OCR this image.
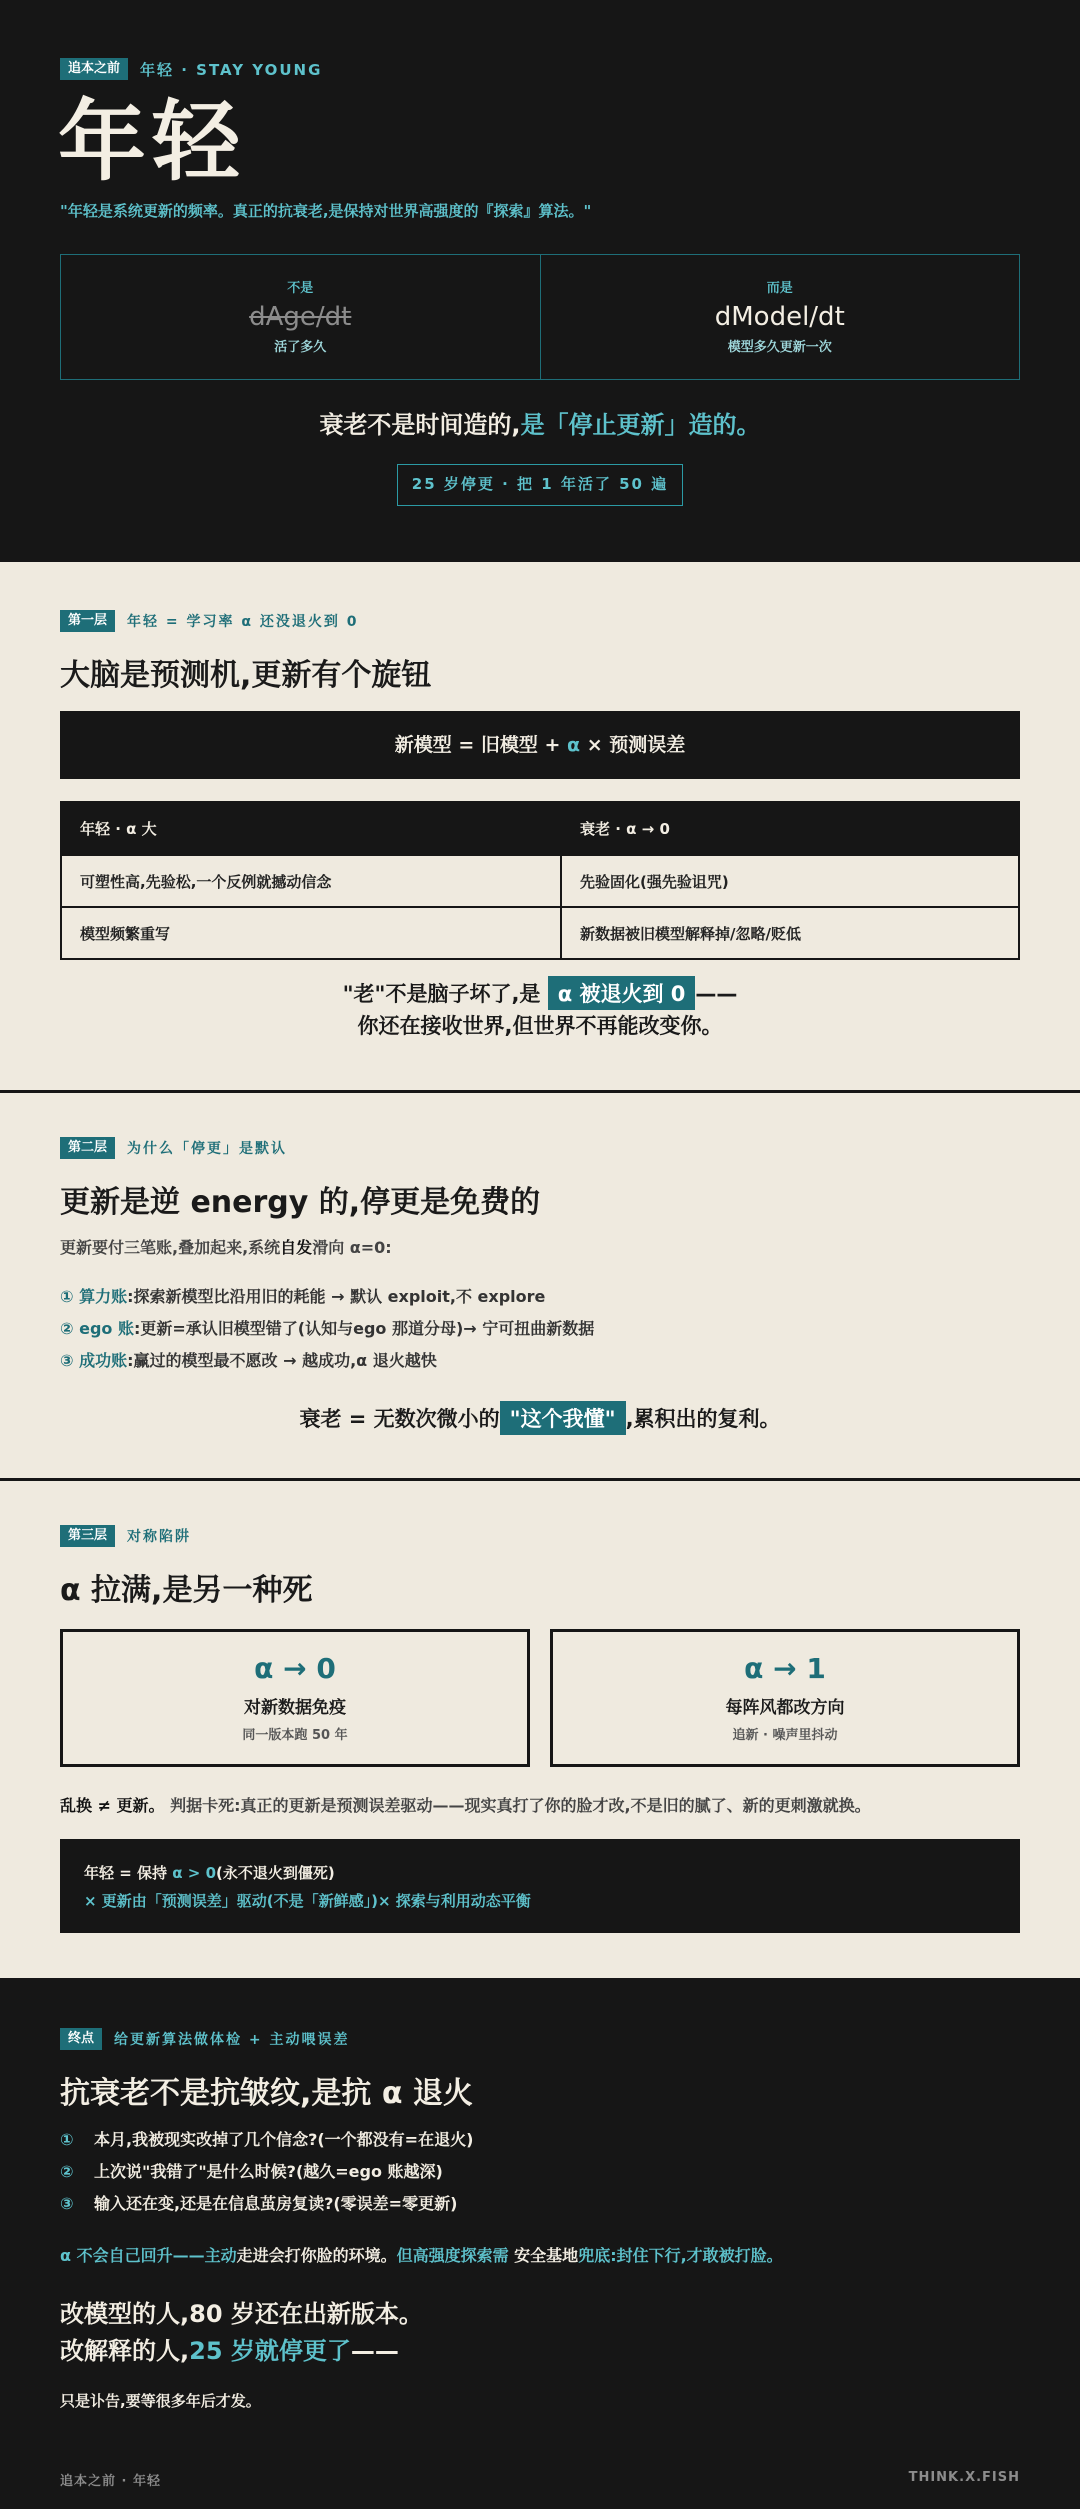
追本之前 年轻 · STAY YOUNG
年轻
"年轻是系统更新的频率。真正的抗衰老,是保持对世界高强度的『探索』算法。"
不是
dAge/dt
活了多久
而是
dModel/dt
模型多久更新一次
衰老不是时间造的,是「停止更新」造的。
25 岁停更 · 把 1 年活了 50 遍
第一层 年轻 = 学习率 α 还没退火到 0
大脑是预测机,更新有个旋钮
新模型 = 旧模型 + α × 预测误差
年轻 · α 大	衰老 · α → 0
可塑性高,先验松,一个反例就撼动信念	先验固化(强先验诅咒)
模型频繁重写	新数据被旧模型解释掉/忽略/贬低
"老"不是脑子坏了,是 α 被退火到 0 ——
你还在接收世界,但世界不再能改变你。
第二层 为什么「停更」是默认
更新是逆 energy 的,停更是免费的
更新要付三笔账,叠加起来,系统自发滑向 α=0:
① 算力账:探索新模型比沿用旧的耗能 → 默认 exploit,不 explore
② ego 账:更新=承认旧模型错了(认知与ego 那道分母)→ 宁可扭曲新数据
③ 成功账:赢过的模型最不愿改 → 越成功,α 退火越快
衰老 = 无数次微小的 "这个我懂" ,累积出的复利。
第三层 对称陷阱
α 拉满,是另一种死
α → 0
对新数据免疫
同一版本跑 50 年
α → 1
每阵风都改方向
追新 · 噪声里抖动
乱换 ≠ 更新。 判据卡死:真正的更新是预测误差驱动——现实真打了你的脸才改,不是旧的腻了、新的更刺激就换。
年轻 = 保持 α > 0(永不退火到僵死)
× 更新由「预测误差」驱动(不是「新鲜感」)× 探索与利用动态平衡
终点 给更新算法做体检 + 主动喂误差
抗衰老不是抗皱纹,是抗 α 退火
① 本月,我被现实改掉了几个信念?(一个都没有=在退火)
② 上次说"我错了"是什么时候?(越久=ego 账越深)
③ 输入还在变,还是在信息茧房复读?(零误差=零更新)
α 不会自己回升——主动走进会打你脸的环境。但高强度探索需 安全基地兜底:封住下行,才敢被打脸。
改模型的人,80 岁还在出新版本。
改解释的人,25 岁就停更了——
只是讣告,要等很多年后才发。
追本之前 · 年轻	THINK.X.FISH
